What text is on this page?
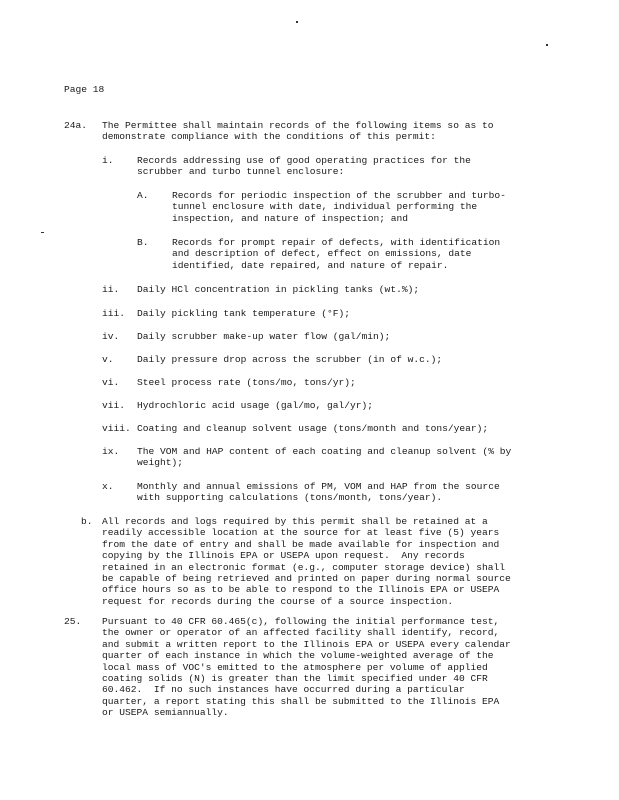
Page 18
24a. The Permittee shall maintain records of the following items so as to
demonstrate compliance with the conditions of this permit:
i. Records addressing use of good operating practices for the
scrubber and turbo tunnel enclosure:
A. Records for periodic inspection of the scrubber and turbo-
tunnel enclosure with date, individual performing the
inspection, and nature of inspection; and
B. Records for prompt repair of defects, with identification
and description of defect, effect on emissions, date
identified, date repaired, and nature of repair.
ii. Daily HCl concentration in pickling tanks (wt.%);
iii. Daily pickling tank temperature (°F);
iv. Daily scrubber make-up water flow (gal/min);
v. Daily pressure drop across the scrubber (in of w.c.);
vi. Steel process rate (tons/mo, tons/yr);
vii. Hydrochloric acid usage (gal/mo, gal/yr);
viii. Coating and cleanup solvent usage (tons/month and tons/year);
ix. The VOM and HAP content of each coating and cleanup solvent (% by
weight);
x. Monthly and annual emissions of PM, VOM and HAP from the source
with supporting calculations (tons/month, tons/year).
b. All records and logs required by this permit shall be retained at a
readily accessible location at the source for at least five (5) years
from the date of entry and shall be made available for inspection and
copying by the Illinois EPA or USEPA upon request.  Any records
retained in an electronic format (e.g., computer storage device) shall
be capable of being retrieved and printed on paper during normal source
office hours so as to be able to respond to the Illinois EPA or USEPA
request for records during the course of a source inspection.
25. Pursuant to 40 CFR 60.465(c), following the initial performance test,
the owner or operator of an affected facility shall identify, record,
and submit a written report to the Illinois EPA or USEPA every calendar
quarter of each instance in which the volume-weighted average of the
local mass of VOC's emitted to the atmosphere per volume of applied
coating solids (N) is greater than the limit specified under 40 CFR
60.462.  If no such instances have occurred during a particular
quarter, a report stating this shall be submitted to the Illinois EPA
or USEPA semiannually.
